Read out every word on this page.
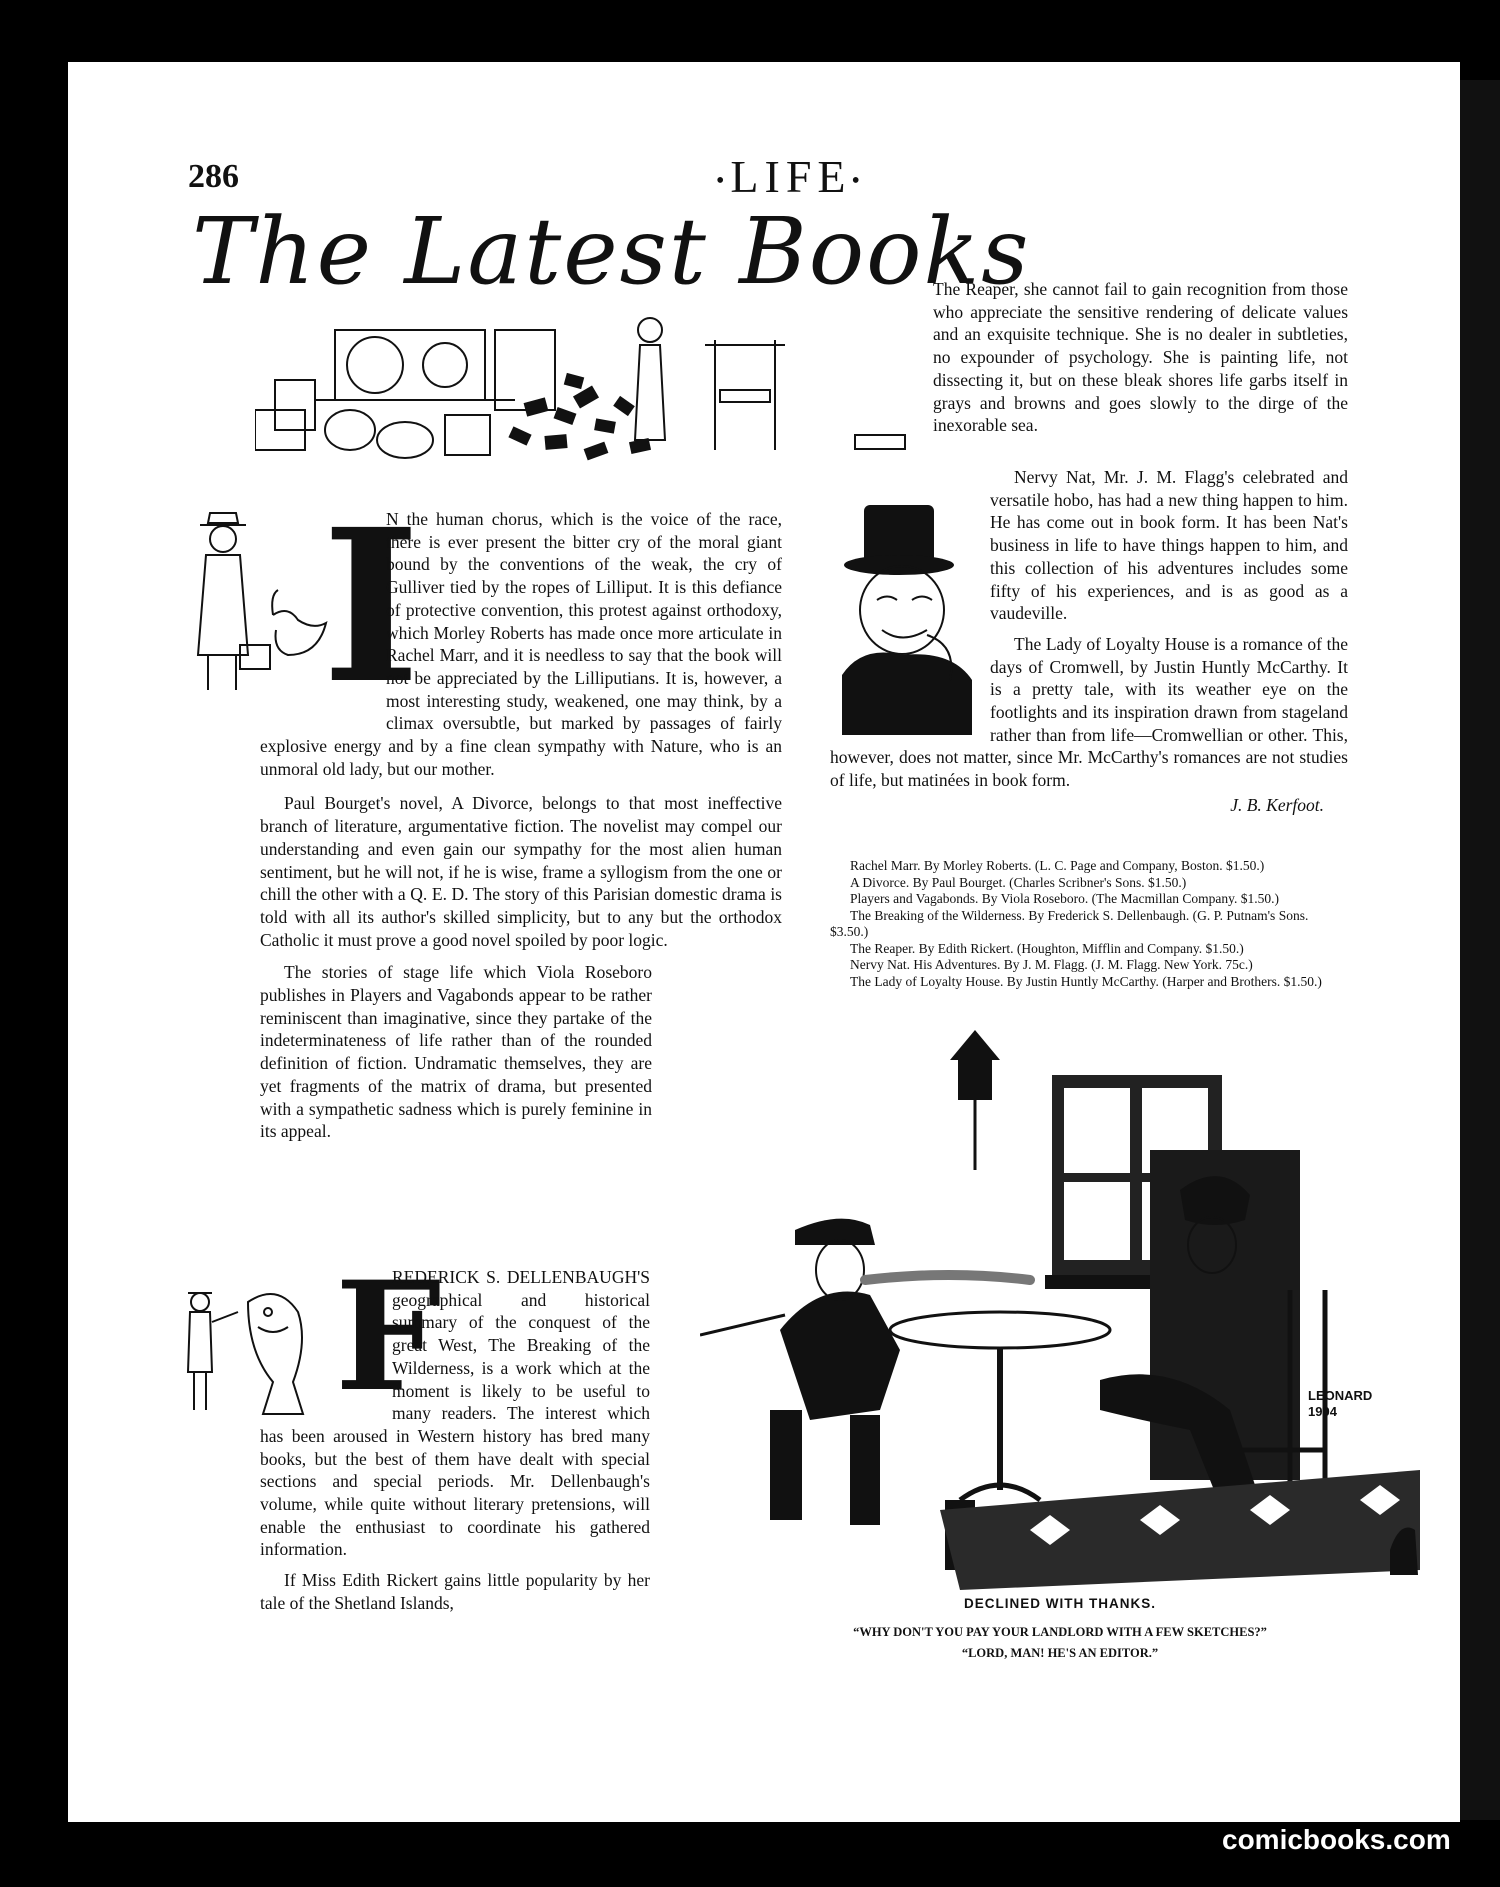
286	•LIFE•
The Latest Books
I

N the human chorus, which is the voice of the race, there is ever present the bitter cry of the moral giant bound by the conventions of the weak, the cry of Gulliver tied by the ropes of Lilliput. It is this defiance of protective convention, this protest against orthodoxy, which Morley Roberts has made once more articulate in Rachel Marr, and it is needless to say that the book will not be appreciated by the Lilliputians. It is, however, a most interesting study, weakened, one may think, by a climax oversubtle, but marked by passages of fairly explosive energy and by a fine clean sympathy with Nature, who is an unmoral old lady, but our mother.

Paul Bourget's novel, A Divorce, belongs to that most ineffective branch of literature, argumentative fiction. The novelist may compel our understanding and even gain our sympathy for the most alien human sentiment, but he will not, if he is wise, frame a syllogism from the one or chill the other with a Q. E. D. The story of this Parisian domestic drama is told with all its author's skilled simplicity, but to any but the orthodox Catholic it must prove a good novel spoiled by poor logic.

The stories of stage life which Viola Roseboro publishes in Players and Vagabonds appear to be rather reminiscent than imaginative, since they partake of the indeterminateness of life rather than of the rounded definition of fiction. Undramatic themselves, they are yet fragments of the matrix of drama, but presented with a sympathetic sadness which is purely feminine in its appeal.

F

REDERICK S. DELLENBAUGH'S geographical and historical summary of the conquest of the great West, The Breaking of the Wilderness, is a work which at the moment is likely to be useful to many readers. The interest which has been aroused in Western history has bred many books, but the best of them have dealt with special sections and special periods. Mr. Dellenbaugh's volume, while quite without literary pretensions, will enable the enthusiast to coordinate his gathered information.

If Miss Edith Rickert gains little popularity by her tale of the Shetland Islands,

The Reaper, she cannot fail to gain recognition from those who appreciate the sensitive rendering of delicate values and an exquisite technique. She is no dealer in subtleties, no expounder of psychology. She is painting life, not dissecting it, but on these bleak shores life garbs itself in grays and browns and goes slowly to the dirge of the inexorable sea.

Nervy Nat, Mr. J. M. Flagg's celebrated and versatile hobo, has had a new thing happen to him. He has come out in book form. It has been Nat's business in life to have things happen to him, and this collection of his adventures includes some fifty of his experiences, and is as good as a vaudeville.

The Lady of Loyalty House is a romance of the days of Cromwell, by Justin Huntly McCarthy. It is a pretty tale, with its weather eye on the footlights and its inspiration drawn from stageland rather than from life—Cromwellian or other. This, however, does not matter, since Mr. McCarthy's romances are not studies of life, but matinées in book form.

J. B. Kerfoot.

Rachel Marr. By Morley Roberts. (L. C. Page and Company, Boston. $1.50.)
A Divorce. By Paul Bourget. (Charles Scribner's Sons. $1.50.)
Players and Vagabonds. By Viola Roseboro. (The Macmillan Company. $1.50.)
The Breaking of the Wilderness. By Frederick S. Dellenbaugh. (G. P. Putnam's Sons. $3.50.)
The Reaper. By Edith Rickert. (Houghton, Mifflin and Company. $1.50.)
Nervy Nat. His Adventures. By J. M. Flagg. (J. M. Flagg. New York. 75c.)
The Lady of Loyalty House. By Justin Huntly McCarthy. (Harper and Brothers. $1.50.)
LEONARD 1904
DECLINED WITH THANKS.
“WHY DON'T YOU PAY YOUR LANDLORD WITH A FEW SKETCHES?”
“LORD, MAN! HE'S AN EDITOR.”
comicbooks.com
